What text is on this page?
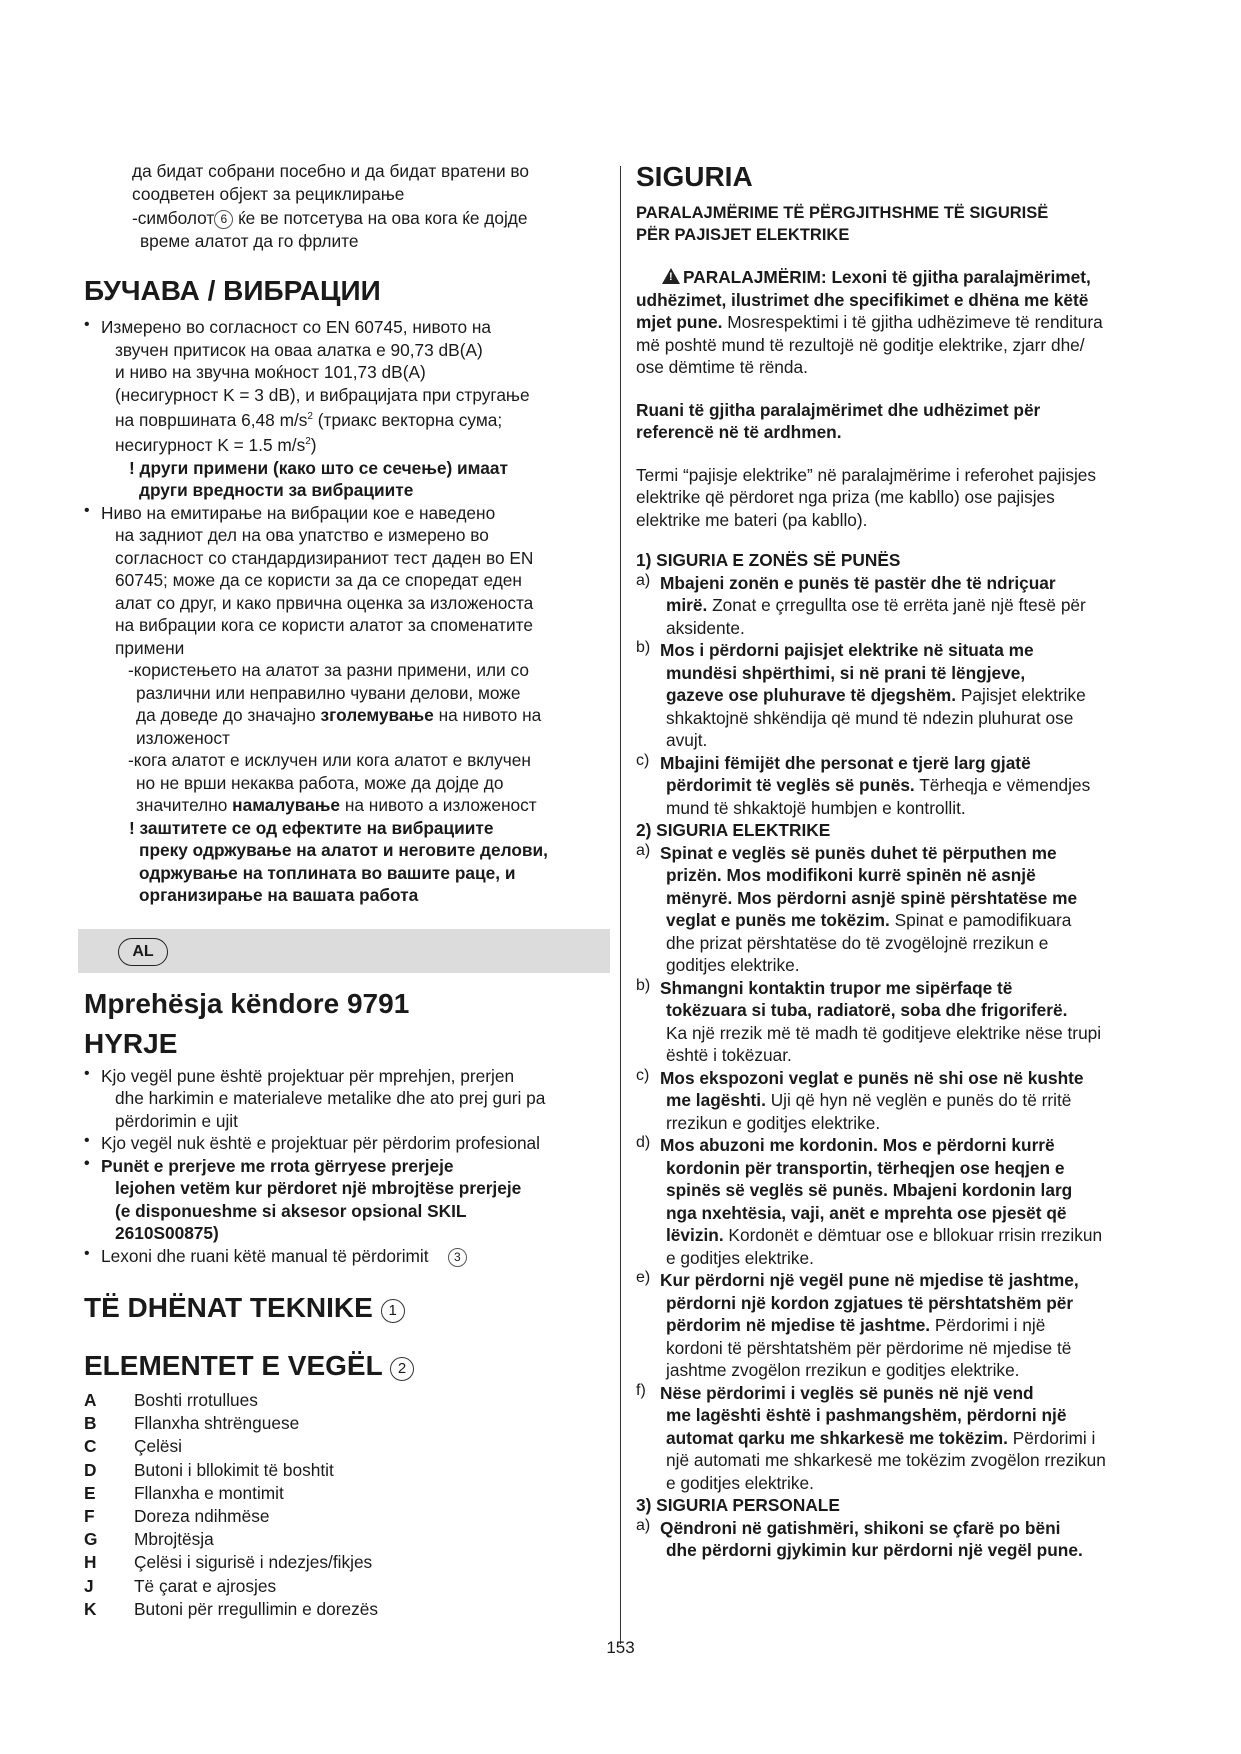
да бидат собрани посебно и да бидат вратени во

соодветен објект за рециклирање

-симболот 6 ќе ве потсетува на ова кога ќе дојде

време алатот да го фрлите

БУЧАВА / ВИБРАЦИИ

• Измерено во согласност со EN 60745, нивото на

звучен притисок на оваа алатка е 90,73 dB(A)

и ниво на звучна моќност 101,73 dB(A)

(несигурност K = 3 dB), и вибрацијата при стругање

на површината 6,48 $m/s^2$ (триакс векторна сума;

несигурност K = 1.5 $m/s^2$)

! други примени (како што се сечење) имаат

други вредности за вибрациите

• Ниво на емитирање на вибрации кое е наведено

на задниот дел на ова упатство е измерено во

согласност со стандардизираниот тест даден во EN

60745; може да се користи за да се споредат еден

алат со друг, и како првична оценка за изложеноста

на вибрации кога се користи алатот за споменатите

примени

-користењето на алатот за разни примени, или со

различни или неправилно чувани делови, може

да доведе до значајно зголемување на нивото на

изложеност

-кога алатот е исклучен или кога алатот е вклучен

но не врши некаква работа, може да дојде до

значително намалување на нивото а изложеност

! заштитете се од ефектите на вибрациите

преку одржување на алатот и неговите делови,

одржување на топлината во вашите раце, и

организирање на вашата работа

AL
Mprehësja këndore 9791
HYRJE

• Kjo vegël pune është projektuar për mprehjen, prerjen

dhe harkimin e materialeve metalike dhe ato prej guri pa

përdorimin e ujit

• Kjo vegël nuk është e projektuar për përdorim profesional

• Punët e prerjeve me rrota gërryese prerjeje

lejohen vetëm kur përdoret një mbrojtëse prerjeje

(e disponueshme si aksesor opsional SKIL

2610S00875)

• Lexoni dhe ruani këtë manual të përdorimit 3

TË DHËNAT TEKNIKE 1
ELEMENTET E VEGËL 2
A	Boshti rrotullues
B	Fllanxha shtrënguese
C	Çelësi
D	Butoni i bllokimit të boshtit
E	Fllanxha e montimit
F	Doreza ndihmëse
G	Mbrojtësja
H	Çelësi i sigurisë i ndezjes/fikjes
J	Të çarat e ajrosjes
K	Butoni për rregullimin e dorezës
SIGURIA

PARALAJMËRIME TË PËRGJITHSHME TË SIGURISË

PËR PAJISJET ELEKTRIKE

! PARALAJMËRIM: Lexoni të gjitha paralajmërimet,

udhëzimet, ilustrimet dhe specifikimet e dhëna me këtë

mjet pune. Mosrespektimi i të gjitha udhëzimeve të renditura

më poshtë mund të rezultojë në goditje elektrike, zjarr dhe/

ose dëmtime të rënda.

Ruani të gjitha paralajmërimet dhe udhëzimet për

referencë në të ardhmen.

Termi “pajisje elektrike” në paralajmërime i referohet pajisjes

elektrike që përdoret nga priza (me kabllo) ose pajisjes

elektrike me bateri (pa kabllo).

1) SIGURIA E ZONËS SË PUNËS

a) Mbajeni zonën e punës të pastër dhe të ndriçuar

mirë. Zonat e çrregullta ose të errëta janë një ftesë për

aksidente.

b) Mos i përdorni pajisjet elektrike në situata me

mundësi shpërthimi, si në prani të lëngjeve,

gazeve ose pluhurave të djegshëm. Pajisjet elektrike

shkaktojnë shkëndija që mund të ndezin pluhurat ose

avujt.

c) Mbajini fëmijët dhe personat e tjerë larg gjatë

përdorimit të veglës së punës. Tërheqja e vëmendjes

mund të shkaktojë humbjen e kontrollit.

2) SIGURIA ELEKTRIKE

a) Spinat e veglës së punës duhet të përputhen me

prizën. Mos modifikoni kurrë spinën në asnjë

mënyrë. Mos përdorni asnjë spinë përshtatëse me

veglat e punës me tokëzim. Spinat e pamodifikuara

dhe prizat përshtatëse do të zvogëlojnë rrezikun e

goditjes elektrike.

b) Shmangni kontaktin trupor me sipërfaqe të

tokëzuara si tuba, radiatorë, soba dhe frigoriferë.

Ka një rrezik më të madh të goditjeve elektrike nëse trupi

është i tokëzuar.

c) Mos ekspozoni veglat e punës në shi ose në kushte

me lagështi. Uji që hyn në veglën e punës do të rritë

rrezikun e goditjes elektrike.

d) Mos abuzoni me kordonin. Mos e përdorni kurrë

kordonin për transportin, tërheqjen ose heqjen e

spinës së veglës së punës. Mbajeni kordonin larg

nga nxehtësia, vaji, anët e mprehta ose pjesët që

lëvizin. Kordonët e dëmtuar ose e bllokuar rrisin rrezikun

e goditjes elektrike.

e) Kur përdorni një vegël pune në mjedise të jashtme,

përdorni një kordon zgjatues të përshtatshëm për

përdorim në mjedise të jashtme. Përdorimi i një

kordoni të përshtatshëm për përdorime në mjedise të

jashtme zvogëlon rrezikun e goditjes elektrike.

f) Nëse përdorimi i veglës së punës në një vend

me lagështi është i pashmangshëm, përdorni një

automat qarku me shkarkesë me tokëzim. Përdorimi i

një automati me shkarkesë me tokëzim zvogëlon rrezikun

e goditjes elektrike.

3) SIGURIA PERSONALE

a) Qëndroni në gatishmëri, shikoni se çfarë po bëni

dhe përdorni gjykimin kur përdorni një vegël pune.

153
